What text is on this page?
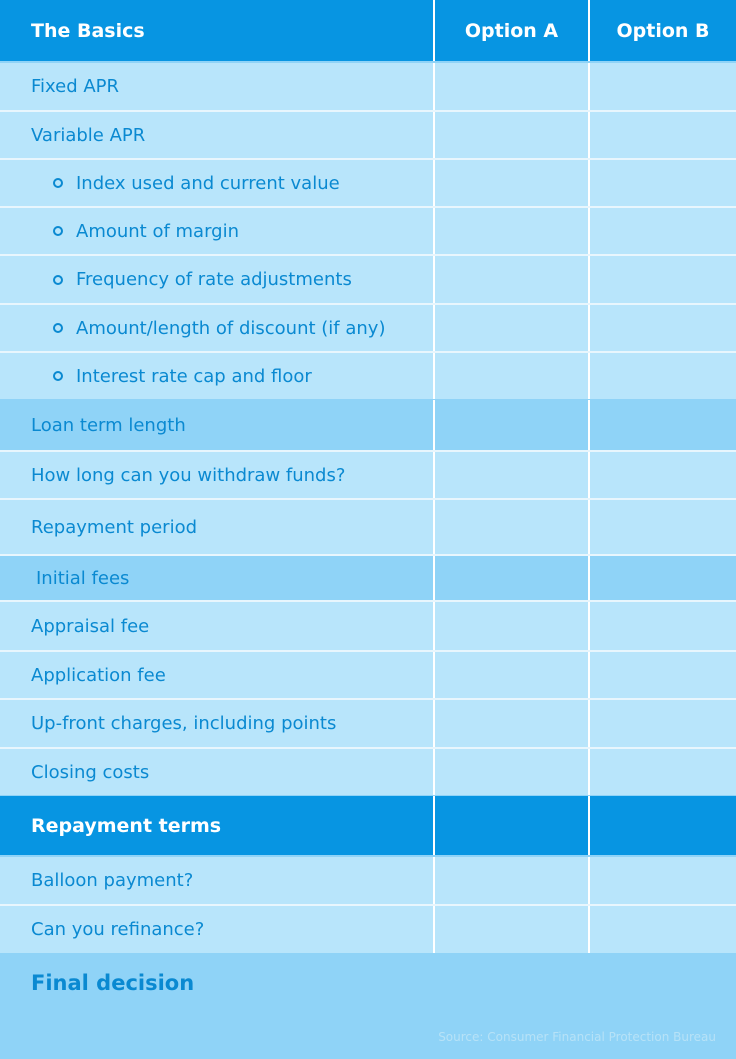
The Basics	Option A	Option B
Fixed APR
Variable APR
Index used and current value
Amount of margin
Frequency of rate adjustments
Amount/length of discount (if any)
Interest rate cap and floor
Loan term length
How long can you withdraw funds?
Repayment period
Initial fees
Appraisal fee
Application fee
Up-front charges, including points
Closing costs
Repayment terms
Balloon payment?
Can you refinance?
Final decision
Source: Consumer Financial Protection Bureau
